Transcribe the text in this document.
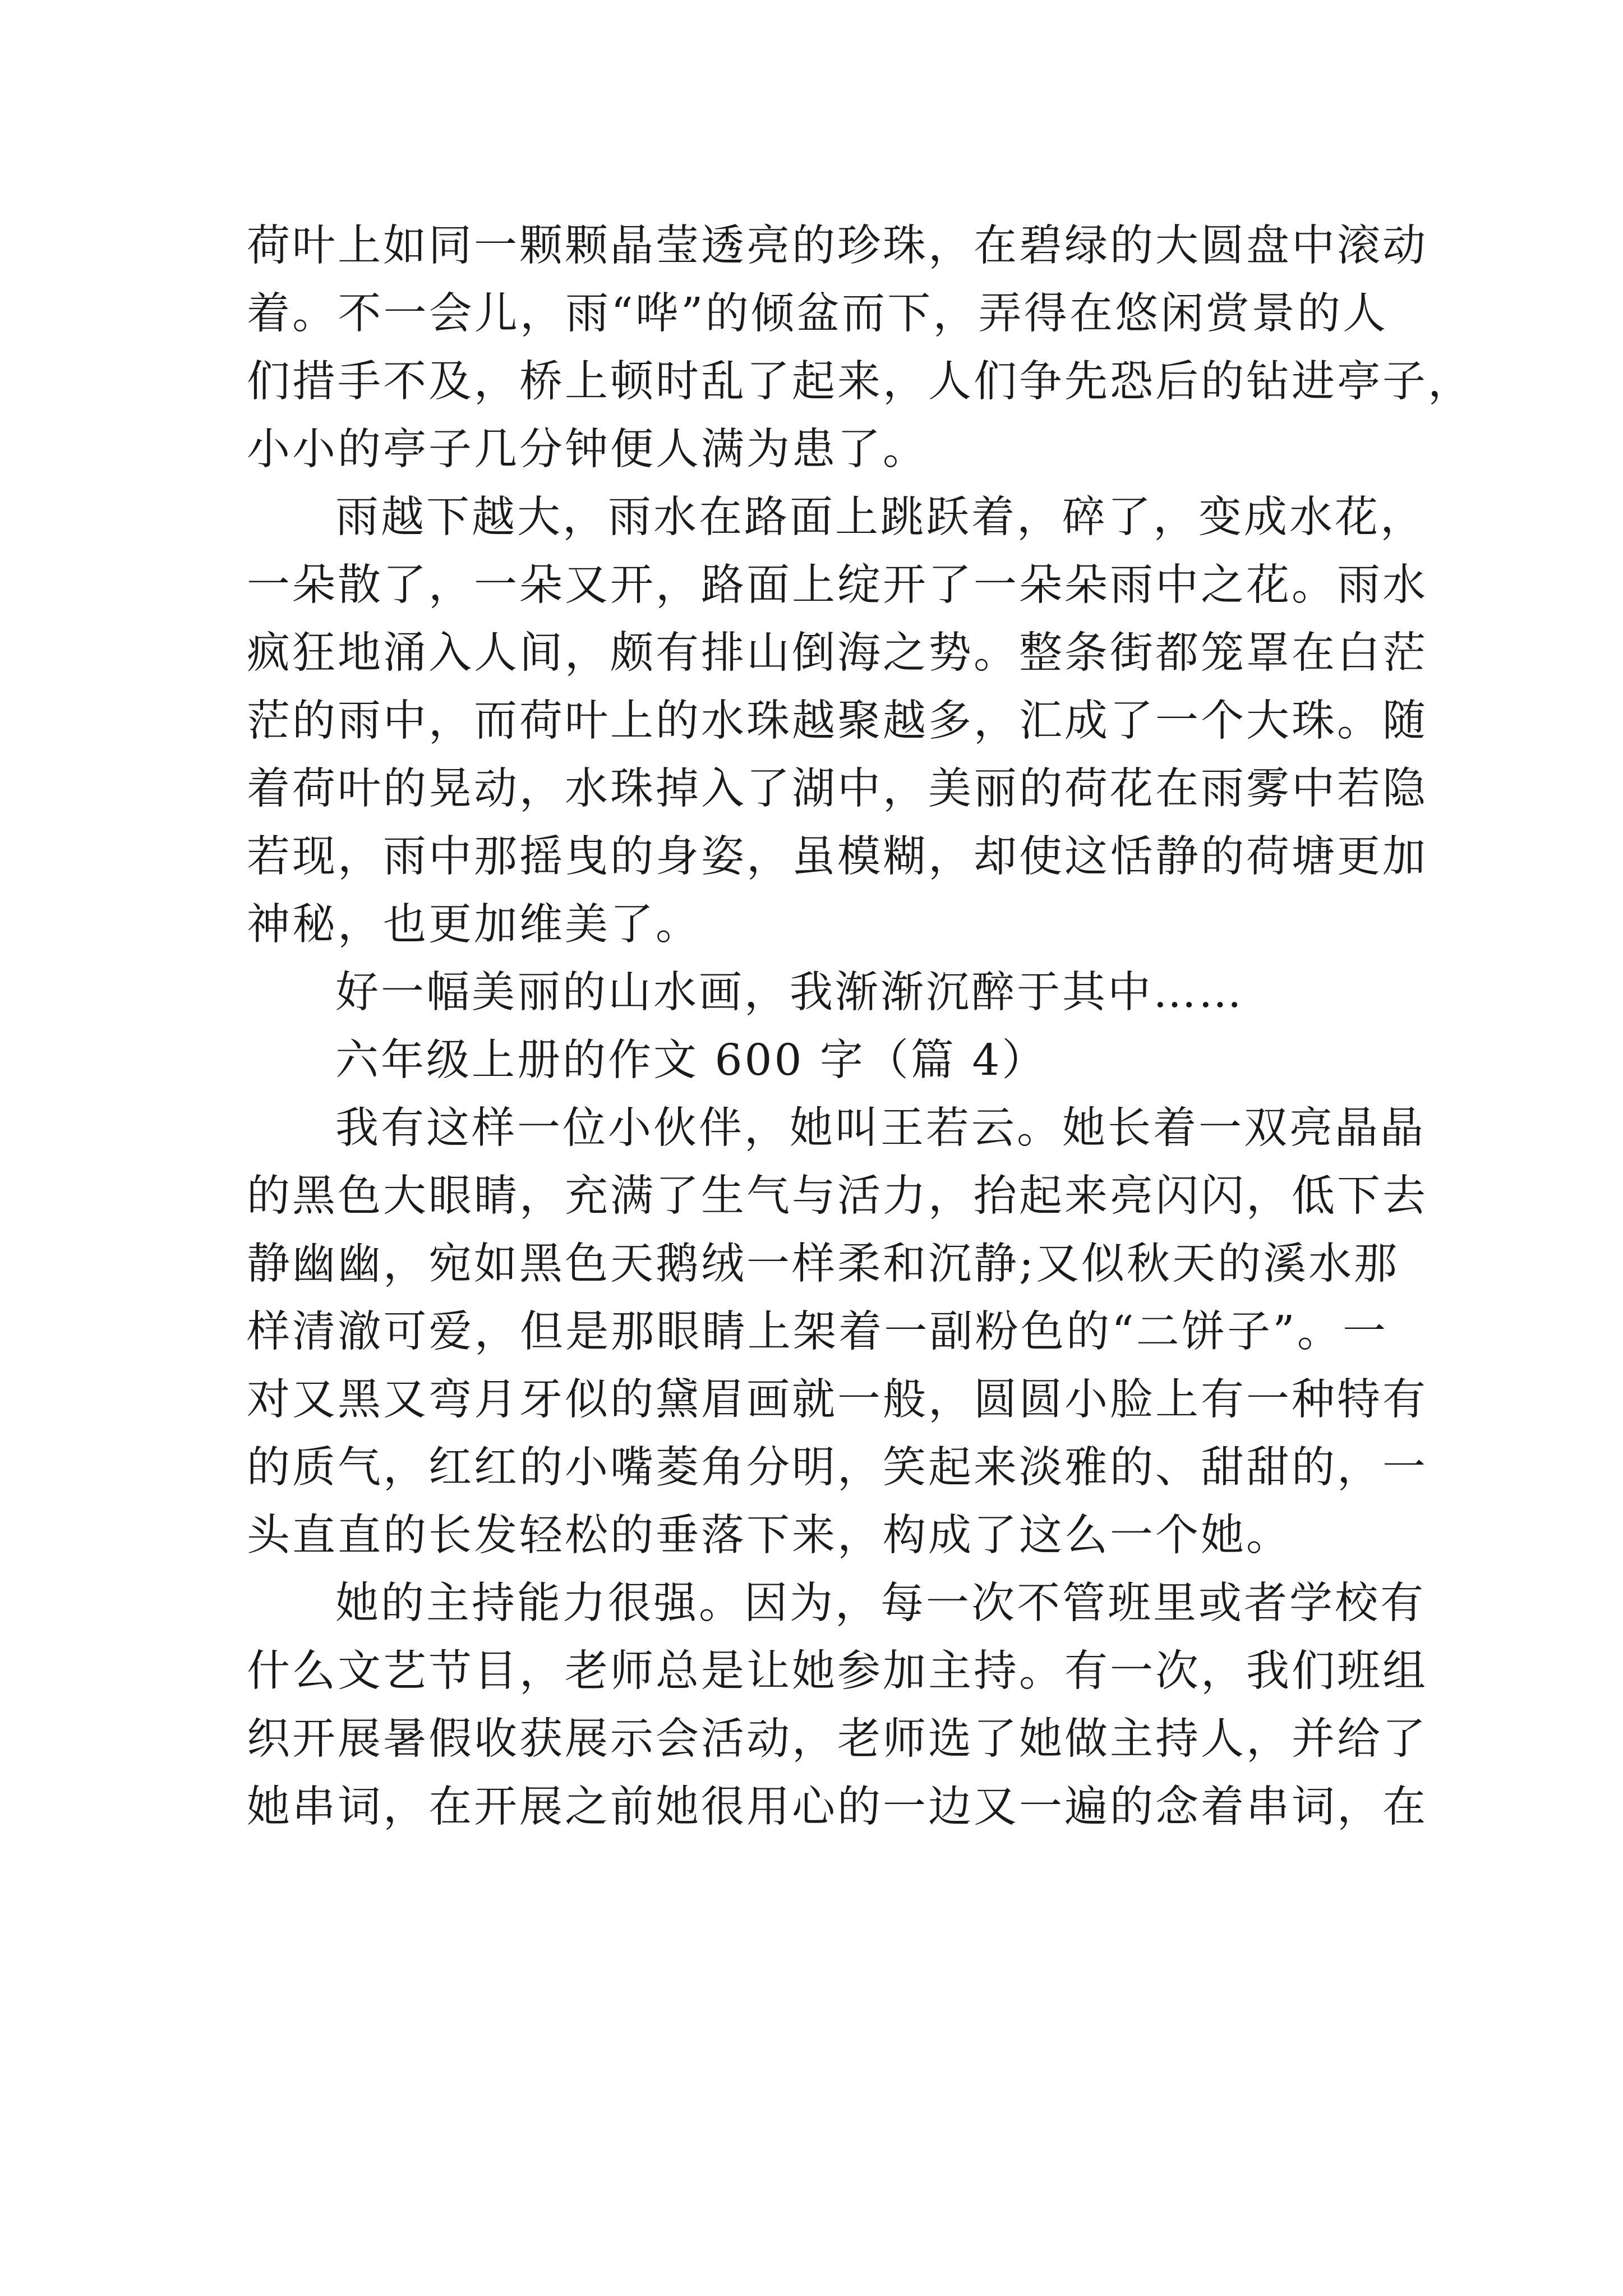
荷叶上如同一颗颗晶莹透亮的珍珠，在碧绿的大圆盘中滚动
着。不一会儿，雨“哗”的倾盆而下，弄得在悠闲赏景的人
们措手不及，桥上顿时乱了起来，人们争先恐后的钻进亭子，
小小的亭子几分钟便人满为患了。
雨越下越大，雨水在路面上跳跃着，碎了，变成水花，
一朵散了，一朵又开，路面上绽开了一朵朵雨中之花。雨水
疯狂地涌入人间，颇有排山倒海之势。整条街都笼罩在白茫
茫的雨中，而荷叶上的水珠越聚越多，汇成了一个大珠。随
着荷叶的晃动，水珠掉入了湖中，美丽的荷花在雨雾中若隐
若现，雨中那摇曳的身姿，虽模糊，却使这恬静的荷塘更加
神秘，也更加维美了。
好一幅美丽的山水画，我渐渐沉醉于其中……
六年级上册的作文 600 字（篇 4）
我有这样一位小伙伴，她叫王若云。她长着一双亮晶晶
的黑色大眼睛，充满了生气与活力，抬起来亮闪闪，低下去
静幽幽，宛如黑色天鹅绒一样柔和沉静;又似秋天的溪水那
样清澈可爱，但是那眼睛上架着一副粉色的“二饼子”。一
对又黑又弯月牙似的黛眉画就一般，圆圆小脸上有一种特有
的质气，红红的小嘴菱角分明，笑起来淡雅的、甜甜的，一
头直直的长发轻松的垂落下来，构成了这么一个她。
她的主持能力很强。因为，每一次不管班里或者学校有
什么文艺节目，老师总是让她参加主持。有一次，我们班组
织开展暑假收获展示会活动，老师选了她做主持人，并给了
她串词，在开展之前她很用心的一边又一遍的念着串词，在
